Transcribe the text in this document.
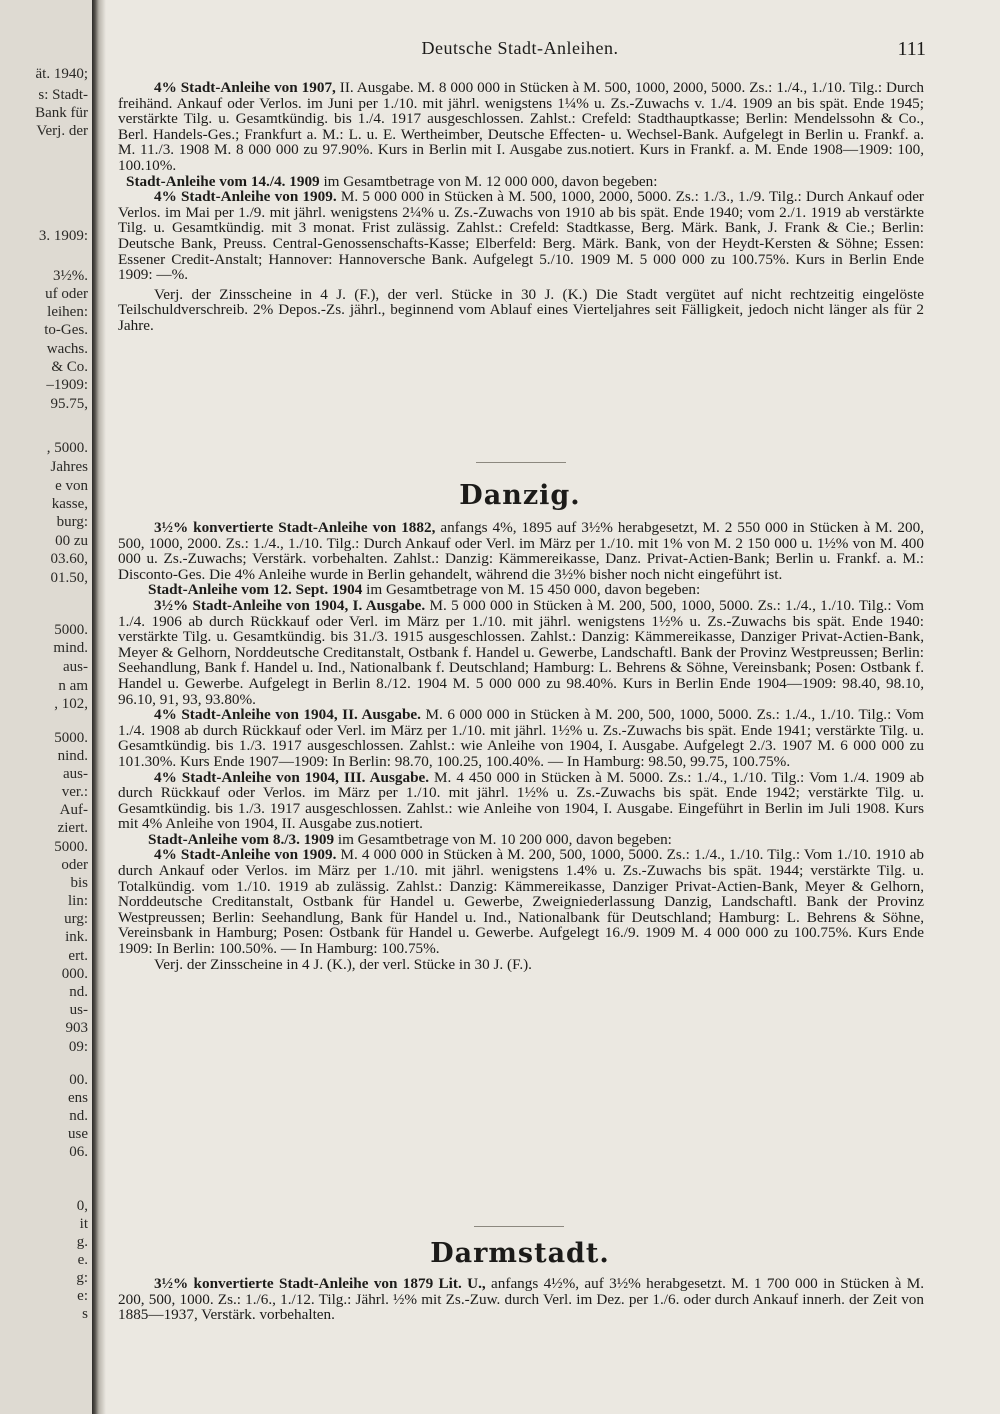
ät. 1940;
s: Stadt-
Bank für
Verj. der
3. 1909:
3½%.
uf oder
leihen:
to-Ges.
wachs.
& Co.
–1909:
95.75,
, 5000.
Jahres
e von
kasse,
burg:
00 zu
03.60,
01.50,
5000.
mind.
aus-
n am
, 102,
5000.
nind.
aus-
ver.:
Auf-
ziert.
5000.
oder
bis
lin:
urg:
ink.
ert.
000.
nd.
us-
903
09:
00.
ens
nd.
use
06.
0,
it
g.
e.
g:
e:
s
Deutsche Stadt-Anleihen.	111

4% Stadt-Anleihe von 1907, II. Ausgabe. M. 8 000 000 in Stücken à M. 500, 1000, 2000, 5000. Zs.: 1./4., 1./10. Tilg.: Durch freihänd. Ankauf oder Verlos. im Juni per 1./10. mit jährl. wenigstens 1¼% u. Zs.-Zuwachs v. 1./4. 1909 an bis spät. Ende 1945; verstärkte Tilg. u. Gesamtkündig. bis 1./4. 1917 ausgeschlossen. Zahlst.: Crefeld: Stadthauptkasse; Berlin: Mendelssohn & Co., Berl. Handels-Ges.; Frankfurt a. M.: L. u. E. Wertheimber, Deutsche Effecten- u. Wechsel-Bank. Aufgelegt in Berlin u. Frankf. a. M. 11./3. 1908 M. 8 000 000 zu 97.90%. Kurs in Berlin mit I. Ausgabe zus.notiert. Kurs in Frankf. a. M. Ende 1908—1909: 100, 100.10%.

Stadt-Anleihe vom 14./4. 1909 im Gesamtbetrage von M. 12 000 000, davon begeben:

4% Stadt-Anleihe von 1909. M. 5 000 000 in Stücken à M. 500, 1000, 2000, 5000. Zs.: 1./3., 1./9. Tilg.: Durch Ankauf oder Verlos. im Mai per 1./9. mit jährl. wenigstens 2¼% u. Zs.-Zuwachs von 1910 ab bis spät. Ende 1940; vom 2./1. 1919 ab verstärkte Tilg. u. Gesamtkündig. mit 3 monat. Frist zulässig. Zahlst.: Crefeld: Stadtkasse, Berg. Märk. Bank, J. Frank & Cie.; Berlin: Deutsche Bank, Preuss. Central-Genossenschafts-Kasse; Elberfeld: Berg. Märk. Bank, von der Heydt-Kersten & Söhne; Essen: Essener Credit-Anstalt; Hannover: Hannoversche Bank. Aufgelegt 5./10. 1909 M. 5 000 000 zu 100.75%. Kurs in Berlin Ende 1909: —%.

Verj. der Zinsscheine in 4 J. (F.), der verl. Stücke in 30 J. (K.) Die Stadt vergütet auf nicht rechtzeitig eingelöste Teilschuldverschreib. 2% Depos.-Zs. jährl., beginnend vom Ablauf eines Vierteljahres seit Fälligkeit, jedoch nicht länger als für 2 Jahre.

Danzig.

3½% konvertierte Stadt-Anleihe von 1882, anfangs 4%, 1895 auf 3½% herabgesetzt, M. 2 550 000 in Stücken à M. 200, 500, 1000, 2000. Zs.: 1./4., 1./10. Tilg.: Durch Ankauf oder Verl. im März per 1./10. mit 1% von M. 2 150 000 u. 1½% von M. 400 000 u. Zs.-Zuwachs; Verstärk. vorbehalten. Zahlst.: Danzig: Kämmereikasse, Danz. Privat-Actien-Bank; Berlin u. Frankf. a. M.: Disconto-Ges. Die 4% Anleihe wurde in Berlin gehandelt, während die 3½% bisher noch nicht eingeführt ist.

Stadt-Anleihe vom 12. Sept. 1904 im Gesamtbetrage von M. 15 450 000, davon begeben:

3½% Stadt-Anleihe von 1904, I. Ausgabe. M. 5 000 000 in Stücken à M. 200, 500, 1000, 5000. Zs.: 1./4., 1./10. Tilg.: Vom 1./4. 1906 ab durch Rückkauf oder Verl. im März per 1./10. mit jährl. wenigstens 1½% u. Zs.-Zuwachs bis spät. Ende 1940: verstärkte Tilg. u. Gesamtkündig. bis 31./3. 1915 ausgeschlossen. Zahlst.: Danzig: Kämmereikasse, Danziger Privat-Actien-Bank, Meyer & Gelhorn, Norddeutsche Creditanstalt, Ostbank f. Handel u. Gewerbe, Landschaftl. Bank der Provinz Westpreussen; Berlin: Seehandlung, Bank f. Handel u. Ind., Nationalbank f. Deutschland; Hamburg: L. Behrens & Söhne, Vereinsbank; Posen: Ostbank f. Handel u. Gewerbe. Aufgelegt in Berlin 8./12. 1904 M. 5 000 000 zu 98.40%. Kurs in Berlin Ende 1904—1909: 98.40, 98.10, 96.10, 91, 93, 93.80%.

4% Stadt-Anleihe von 1904, II. Ausgabe. M. 6 000 000 in Stücken à M. 200, 500, 1000, 5000. Zs.: 1./4., 1./10. Tilg.: Vom 1./4. 1908 ab durch Rückkauf oder Verl. im März per 1./10. mit jährl. 1½% u. Zs.-Zuwachs bis spät. Ende 1941; verstärkte Tilg. u. Gesamtkündig. bis 1./3. 1917 ausgeschlossen. Zahlst.: wie Anleihe von 1904, I. Ausgabe. Aufgelegt 2./3. 1907 M. 6 000 000 zu 101.30%. Kurs Ende 1907—1909: In Berlin: 98.70, 100.25, 100.40%. — In Hamburg: 98.50, 99.75, 100.75%.

4% Stadt-Anleihe von 1904, III. Ausgabe. M. 4 450 000 in Stücken à M. 5000. Zs.: 1./4., 1./10. Tilg.: Vom 1./4. 1909 ab durch Rückkauf oder Verlos. im März per 1./10. mit jährl. 1½% u. Zs.-Zuwachs bis spät. Ende 1942; verstärkte Tilg. u. Gesamtkündig. bis 1./3. 1917 ausgeschlossen. Zahlst.: wie Anleihe von 1904, I. Ausgabe. Eingeführt in Berlin im Juli 1908. Kurs mit 4% Anleihe von 1904, II. Ausgabe zus.notiert.

Stadt-Anleihe vom 8./3. 1909 im Gesamtbetrage von M. 10 200 000, davon begeben:

4% Stadt-Anleihe von 1909. M. 4 000 000 in Stücken à M. 200, 500, 1000, 5000. Zs.: 1./4., 1./10. Tilg.: Vom 1./10. 1910 ab durch Ankauf oder Verlos. im März per 1./10. mit jährl. wenigstens 1.4% u. Zs.-Zuwachs bis spät. 1944; verstärkte Tilg. u. Totalkündig. vom 1./10. 1919 ab zulässig. Zahlst.: Danzig: Kämmereikasse, Danziger Privat-Actien-Bank, Meyer & Gelhorn, Norddeutsche Creditanstalt, Ostbank für Handel u. Gewerbe, Zweigniederlassung Danzig, Landschaftl. Bank der Provinz Westpreussen; Berlin: Seehandlung, Bank für Handel u. Ind., Nationalbank für Deutschland; Hamburg: L. Behrens & Söhne, Vereinsbank in Hamburg; Posen: Ostbank für Handel u. Gewerbe. Aufgelegt 16./9. 1909 M. 4 000 000 zu 100.75%. Kurs Ende 1909: In Berlin: 100.50%. — In Hamburg: 100.75%.

Verj. der Zinsscheine in 4 J. (K.), der verl. Stücke in 30 J. (F.).

Darmstadt.

3½% konvertierte Stadt-Anleihe von 1879 Lit. U., anfangs 4½%, auf 3½% herabgesetzt. M. 1 700 000 in Stücken à M. 200, 500, 1000. Zs.: 1./6., 1./12. Tilg.: Jährl. ½% mit Zs.-Zuw. durch Verl. im Dez. per 1./6. oder durch Ankauf innerh. der Zeit von 1885—1937, Verstärk. vorbehalten.
